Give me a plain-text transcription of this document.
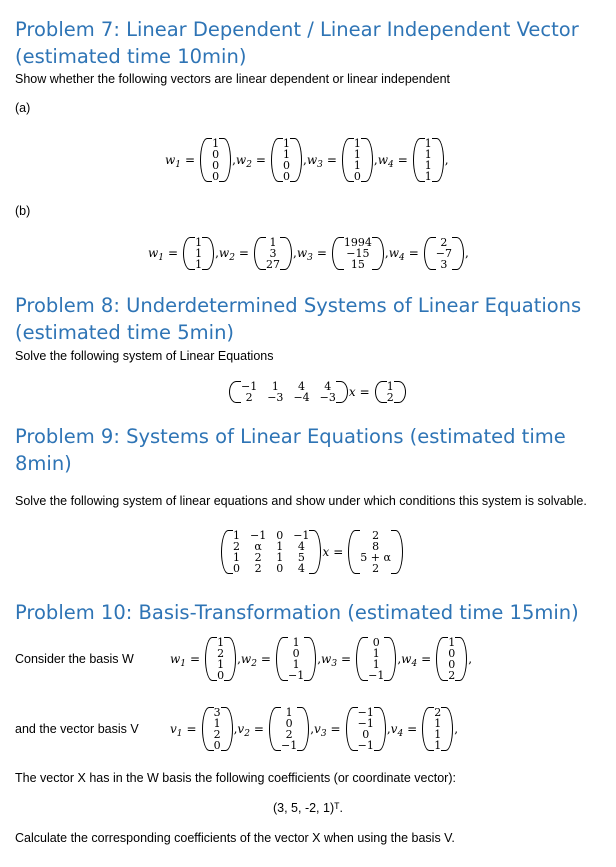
Problem 7: Linear Dependent / Linear Independent Vector (estimated time 10min)
Show whether the following vectors are linear dependent or linear independent
(a)
$w_1$ =
1
0
0
0
, $w_2$ =
1
1
0
0
, $w_3$ =
1
1
1
0
, $w_4$ =
1
1
1
1
,
(b)
$w_1$ =
1
1
1
, $w_2$ =
1
3
27
, $w_3$ =
1994
−15
15
, $w_4$ =
2
−7
3
,
Problem 8: Underdetermined Systems of Linear Equations (estimated time 5min)
Solve the following system of Linear Equations
−1
2
1
−3
4
−4
4
−3 x = 1
2
Problem 9: Systems of Linear Equations (estimated time 8min)
Solve the following system of linear equations and show under which conditions this system is solvable.
1
2
1
0
−1
α
2
2
0
1
1
0
−1
4
5
4
x =
2
8
5 + α
2
Problem 10: Basis-Transformation (estimated time 15min)
Consider the basis W	$w_1$ =
1
2
1
0
, $w_2$ =
1
0
1
−1
, $w_3$ =
0
1
1
−1
, $w_4$ =
1
0
0
2
,
and the vector basis V	$v_1$ =
3
1
2
0
, $v_2$ =
1
0
2
−1
, $v_3$ =
−1
−1
0
−1
, $v_4$ =
2
1
1
1
,
The vector X has in the W basis the following coefficients (or coordinate vector):
(3, 5, -2, 1)ᵀ.
Calculate the corresponding coefficients of the vector X when using the basis V.
